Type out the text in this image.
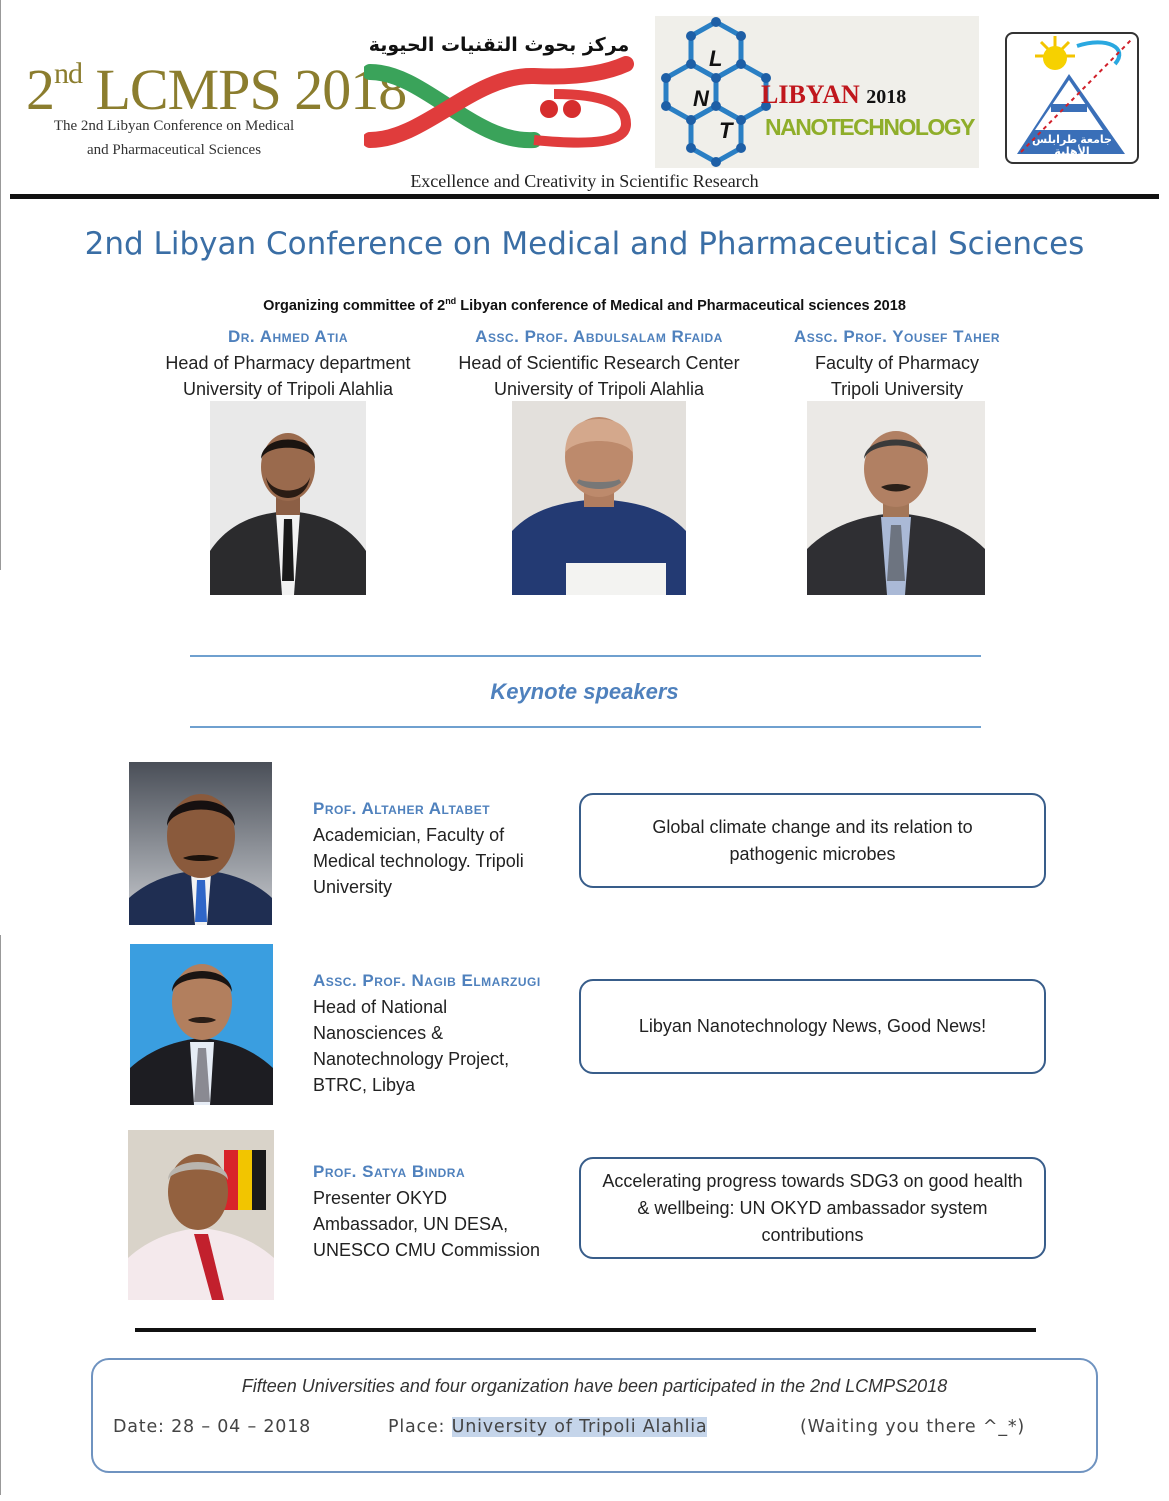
2nd LCMPS 2018
The 2nd Libyan Conference on Medical
and Pharmaceutical Sciences
مركز بحوث التقنيات الحيوية
L
N
T
LIBYAN 2018
NANOTECHNOLOGY	جامعة طرابلس
الأهلية
Excellence and Creativity in Scientific Research
2nd Libyan Conference on Medical and Pharmaceutical Sciences
Organizing committee of 2nd Libyan conference of Medical and Pharmaceutical sciences 2018
Dr. Ahmed Atia
Head of Pharmacy department
University of Tripoli Alahlia
Assc. Prof. Abdulsalam Rfaida
Head of Scientific Research Center
University of Tripoli Alahlia
Assc. Prof. Yousef Taher
Faculty of Pharmacy
Tripoli University
Keynote speakers
Prof. Altaher Altabet
Academician, Faculty of
Medical technology. Tripoli
University
Global climate change and its relation to pathogenic microbes
Assc. Prof. Nagib Elmarzugi
Head of National
Nanosciences &
Nanotechnology Project,
BTRC, Libya
Libyan Nanotechnology News, Good News!
Prof. Satya Bindra
Presenter OKYD
Ambassador, UN DESA,
UNESCO CMU Commission
Accelerating progress towards SDG3 on good health & wellbeing: UN OKYD ambassador system contributions
Fifteen Universities and four organization have been participated in the 2nd LCMPS2018
Date: 28 – 04 – 2018	Place: University of Tripoli Alahlia	(Waiting you there ^_*)
